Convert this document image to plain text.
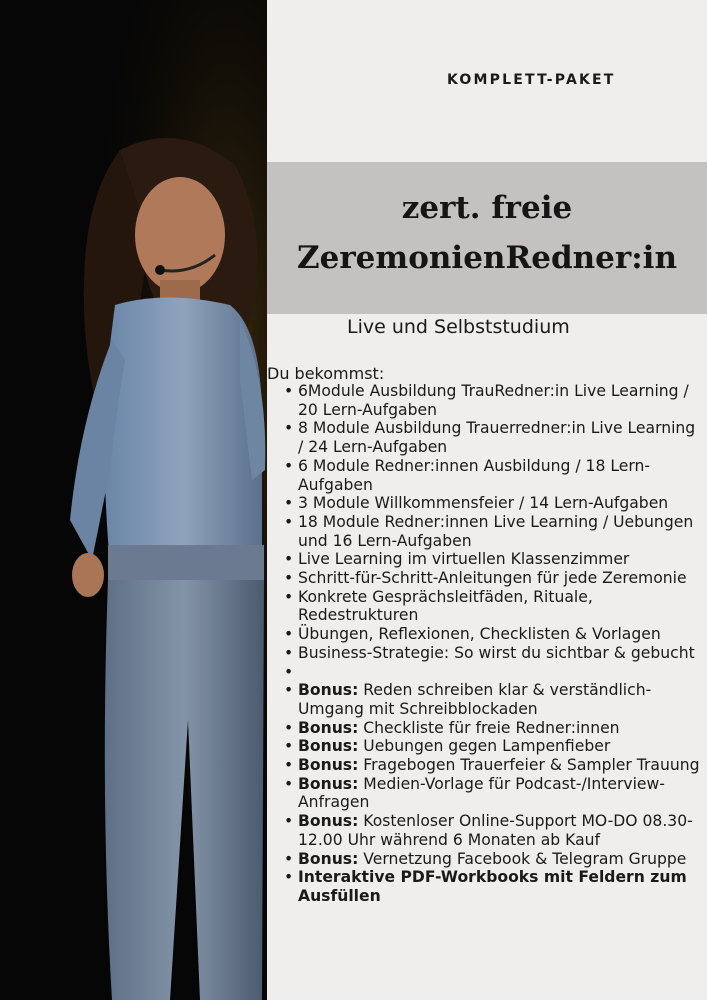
KOMPLETT-PAKET
zert. freie
ZeremonienRedner:in
Live und Selbststudium
Du bekommst:
• 6Module Ausbildung TrauRedner:in Live Learning / 20 Lern-Aufgaben
• 8 Module Ausbildung Trauerredner:in Live Learning / 24 Lern-Aufgaben
• 6 Module Redner:innen Ausbildung / 18 Lern-Aufgaben
• 3 Module Willkommensfeier / 14 Lern-Aufgaben
• 18 Module Redner:innen Live Learning / Uebungen und 16 Lern-Aufgaben
• Live Learning im virtuellen Klassenzimmer
• Schritt-für-Schritt-Anleitungen für jede Zeremonie
• Konkrete Gesprächsleitfäden, Rituale, Redestrukturen
• Übungen, Reflexionen, Checklisten & Vorlagen
• Business-Strategie: So wirst du sichtbar & gebucht
•
• Bonus: Reden schreiben klar & verständlich- Umgang mit Schreibblockaden
• Bonus: Checkliste für freie Redner:innen
• Bonus: Uebungen gegen Lampenfieber
• Bonus: Fragebogen Trauerfeier & Sampler Trauung
• Bonus: Medien-Vorlage für Podcast-/Interview-Anfragen
• Bonus: Kostenloser Online-Support MO-DO 08.30-12.00 Uhr während 6 Monaten ab Kauf
• Bonus: Vernetzung Facebook & Telegram Gruppe
• Interaktive PDF-Workbooks mit Feldern zum Ausfüllen
